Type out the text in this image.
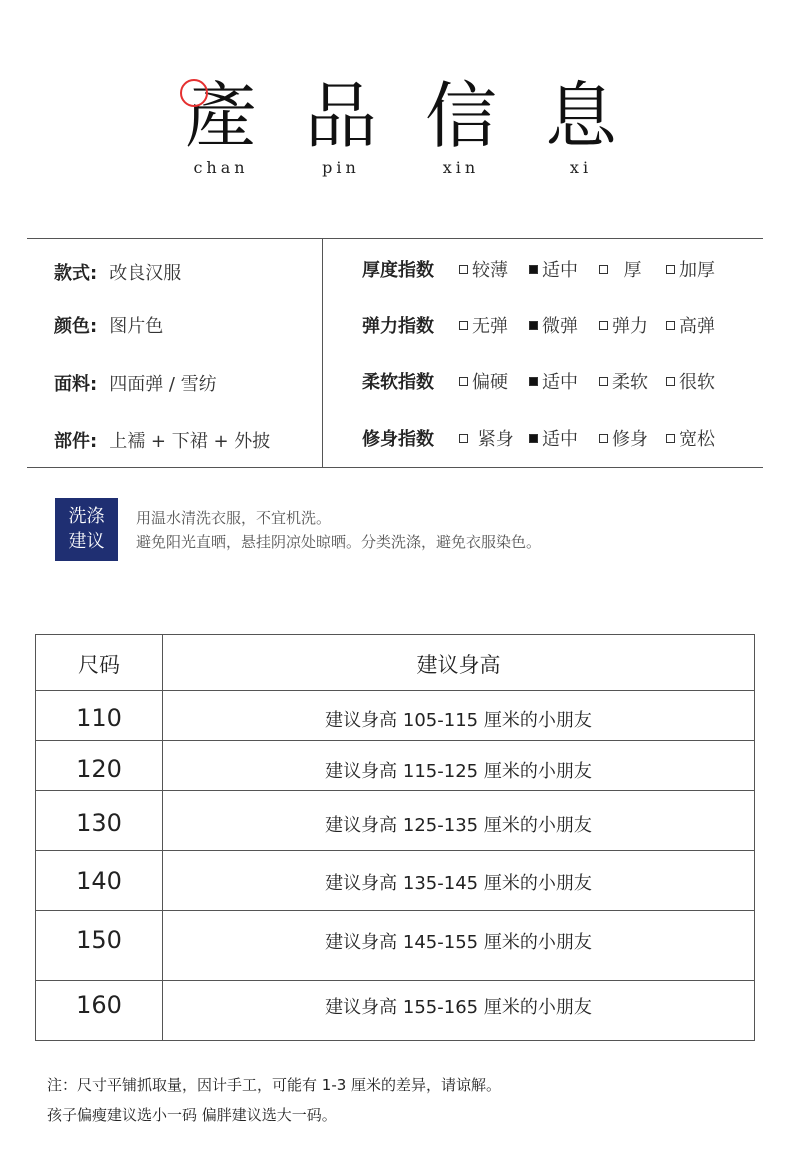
產 品 信 息
chan	pin	xin	xi
款式: 改良汉服
颜色: 图片色
面料: 四面弹 / 雪纺
部件: 上襦 + 下裙 + 外披
厚度指数	较薄	适中	厚	加厚
弹力指数	无弹	微弹	弹力	高弹
柔软指数	偏硬	适中	柔软	很软
修身指数	紧身	适中	修身	宽松
洗涤
建议
用温水清洗衣服，不宜机洗。
避免阳光直晒，悬挂阴凉处晾晒。分类洗涤，避免衣服染色。
尺码	建议身高
110	建议身高 105-115 厘米的小朋友
120	建议身高 115-125 厘米的小朋友
130	建议身高 125-135 厘米的小朋友
140	建议身高 135-145 厘米的小朋友
150	建议身高 145-155 厘米的小朋友
160	建议身高 155-165 厘米的小朋友
注：尺寸平铺抓取量，因计手工，可能有 1-3 厘米的差异，请谅解。
孩子偏瘦建议选小一码 偏胖建议选大一码。
